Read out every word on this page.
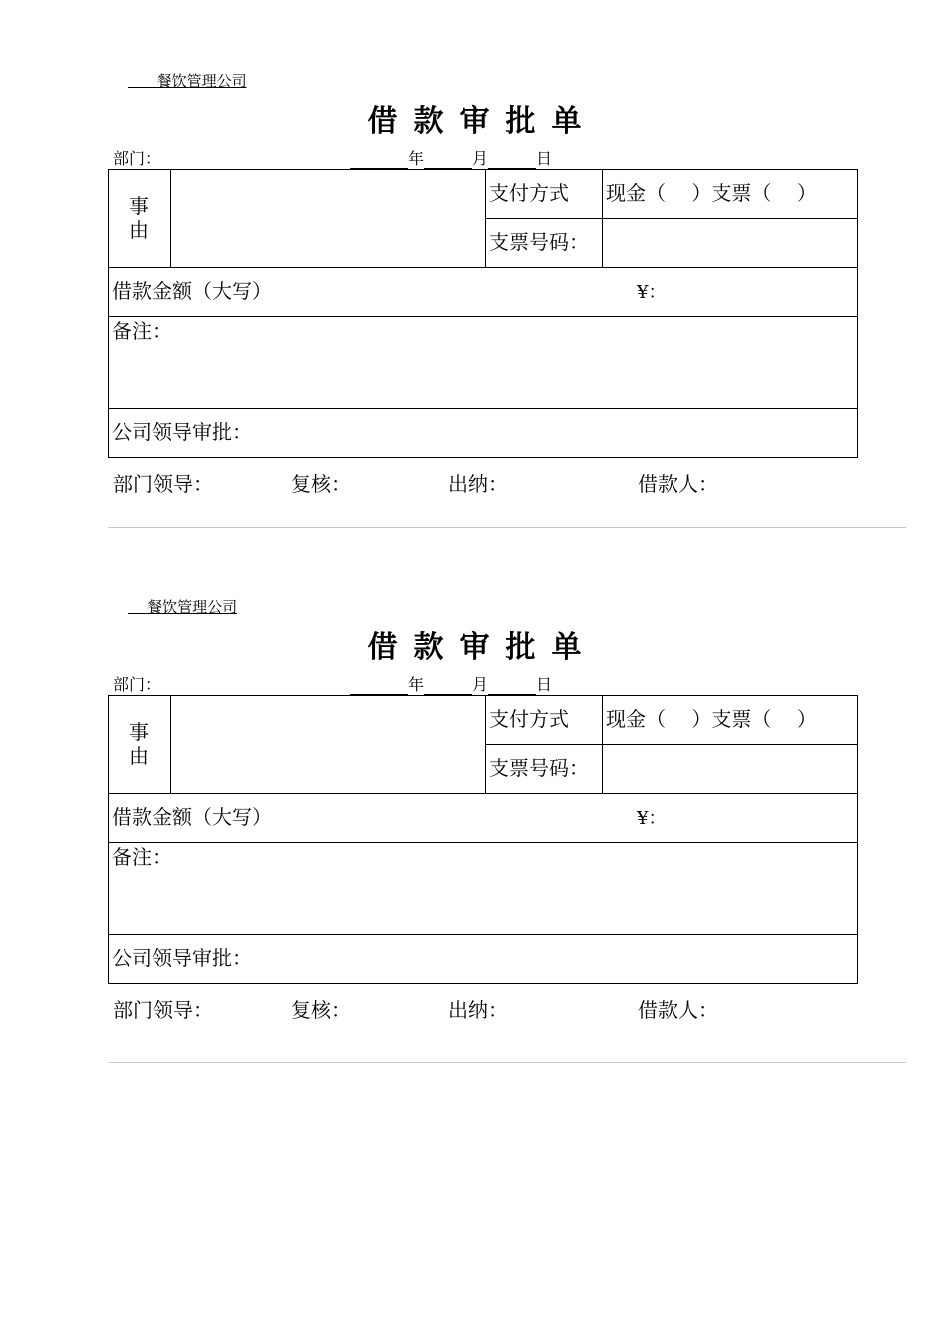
餐饮管理公司
借款审批单
部门：	年	月	日
事由
支付方式 现金（    ）支票（    ）
支票号码：
借款金额（大写）	¥：
备注：
公司领导审批：
部门领导：	复核：	出纳：	借款人：
餐饮管理公司
借款审批单
部门：	年	月	日
事由
支付方式 现金（    ）支票（    ）
支票号码：
借款金额（大写）	¥：
备注：
公司领导审批：
部门领导：	复核：	出纳：	借款人：
